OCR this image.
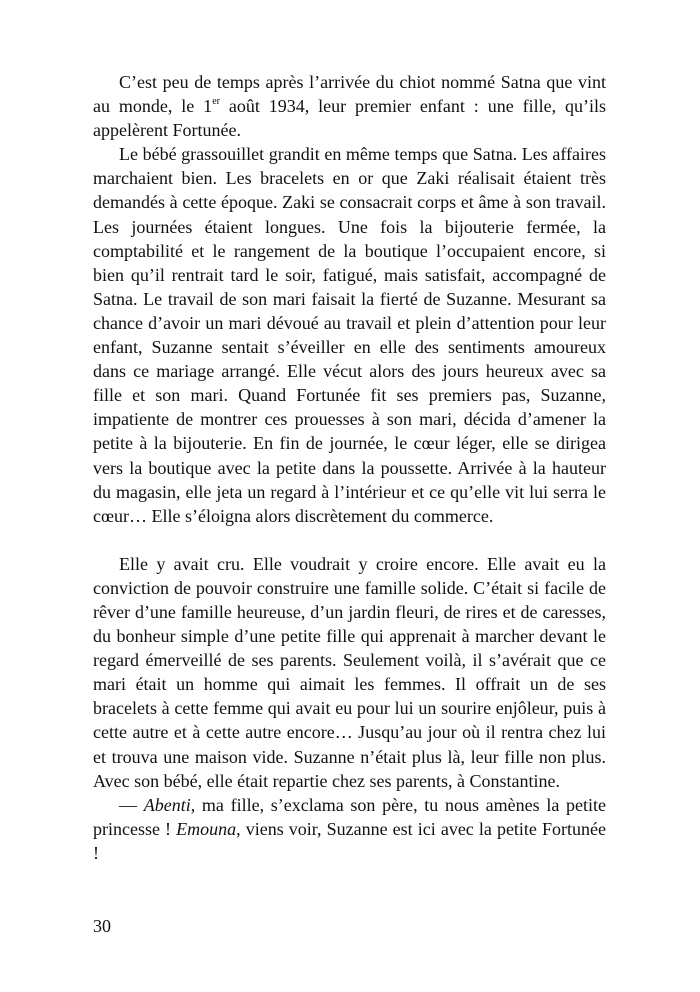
C’est peu de temps après l’arrivée du chiot nommé Satna que vint au monde, le 1er août 1934, leur premier enfant : une fille, qu’ils appelèrent Fortunée.

Le bébé grassouillet grandit en même temps que Satna. Les affaires marchaient bien. Les bracelets en or que Zaki réalisait étaient très demandés à cette époque. Zaki se consacrait corps et âme à son travail. Les journées étaient longues. Une fois la bijouterie fermée, la comptabilité et le rangement de la boutique l’occupaient encore, si bien qu’il rentrait tard le soir, fatigué, mais satisfait, accompagné de Satna. Le travail de son mari faisait la fierté de Suzanne. Mesurant sa chance d’avoir un mari dévoué au travail et plein d’attention pour leur enfant, Suzanne sentait s’éveiller en elle des sentiments amoureux dans ce mariage arrangé. Elle vécut alors des jours heureux avec sa fille et son mari. Quand Fortunée fit ses premiers pas, Suzanne, impatiente de montrer ces prouesses à son mari, décida d’amener la petite à la bijouterie. En fin de journée, le cœur léger, elle se dirigea vers la boutique avec la petite dans la poussette. Arrivée à la hauteur du magasin, elle jeta un regard à l’intérieur et ce qu’elle vit lui serra le cœur… Elle s’éloigna alors discrètement du commerce.

Elle y avait cru. Elle voudrait y croire encore. Elle avait eu la conviction de pouvoir construire une famille solide. C’était si facile de rêver d’une famille heureuse, d’un jardin fleuri, de rires et de caresses, du bonheur simple d’une petite fille qui apprenait à marcher devant le regard émerveillé de ses parents. Seulement voilà, il s’avérait que ce mari était un homme qui aimait les femmes. Il offrait un de ses bracelets à cette femme qui avait eu pour lui un sourire enjôleur, puis à cette autre et à cette autre encore… Jusqu’au jour où il rentra chez lui et trouva une maison vide. Suzanne n’était plus là, leur fille non plus. Avec son bébé, elle était repartie chez ses parents, à Constantine.

— Abenti, ma fille, s’exclama son père, tu nous amènes la petite princesse ! Emouna, viens voir, Suzanne est ici avec la petite Fortunée !

30
